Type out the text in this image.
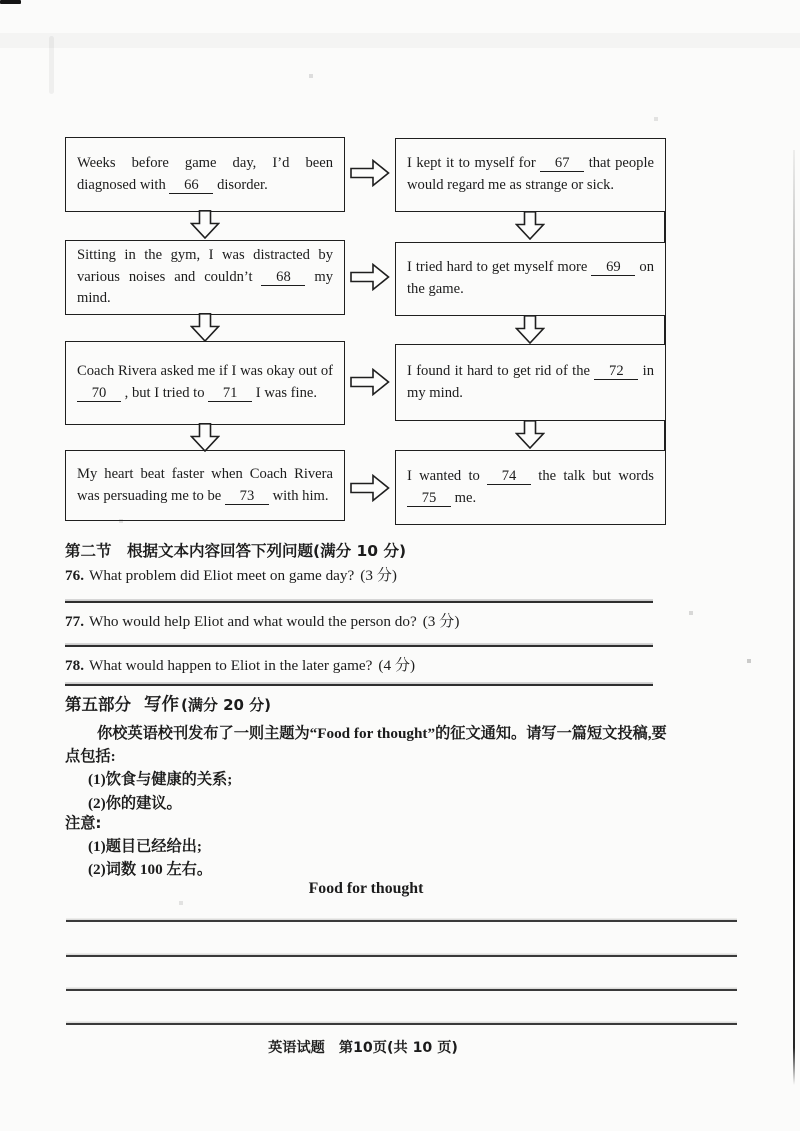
Weeks before game day, I’d been diagnosed with 66 disorder.
Sitting in the gym, I was distracted by various noises and couldn’t 68 my mind.
Coach Rivera asked me if I was okay out of 70 , but I tried to 71 I was fine.
My heart beat faster when Coach Rivera was persuading me to be 73 with him.
I kept it to myself for 67 that people would regard me as strange or sick.
I tried hard to get myself more 69 on the game.
I found it hard to get rid of the 72 in my mind.
I wanted to 74 the talk but words 75 me.
第二节　根据文本内容回答下列问题(满分 10 分)
76. What problem did Eliot meet on game day? (3 分)
77. Who would help Eliot and what would the person do? (3 分)
78. What would happen to Eliot in the later game? (4 分)
第五部分 写作 (满分 20 分)
你校英语校刊发布了一则主题为“Food for thought”的征文通知。请写一篇短文投稿,要
点包括:
(1)饮食与健康的关系;
(2)你的建议。
注意:
(1)题目已经给出;
(2)词数 100 左右。
Food for thought
英语试题 第10页(共 10 页)
